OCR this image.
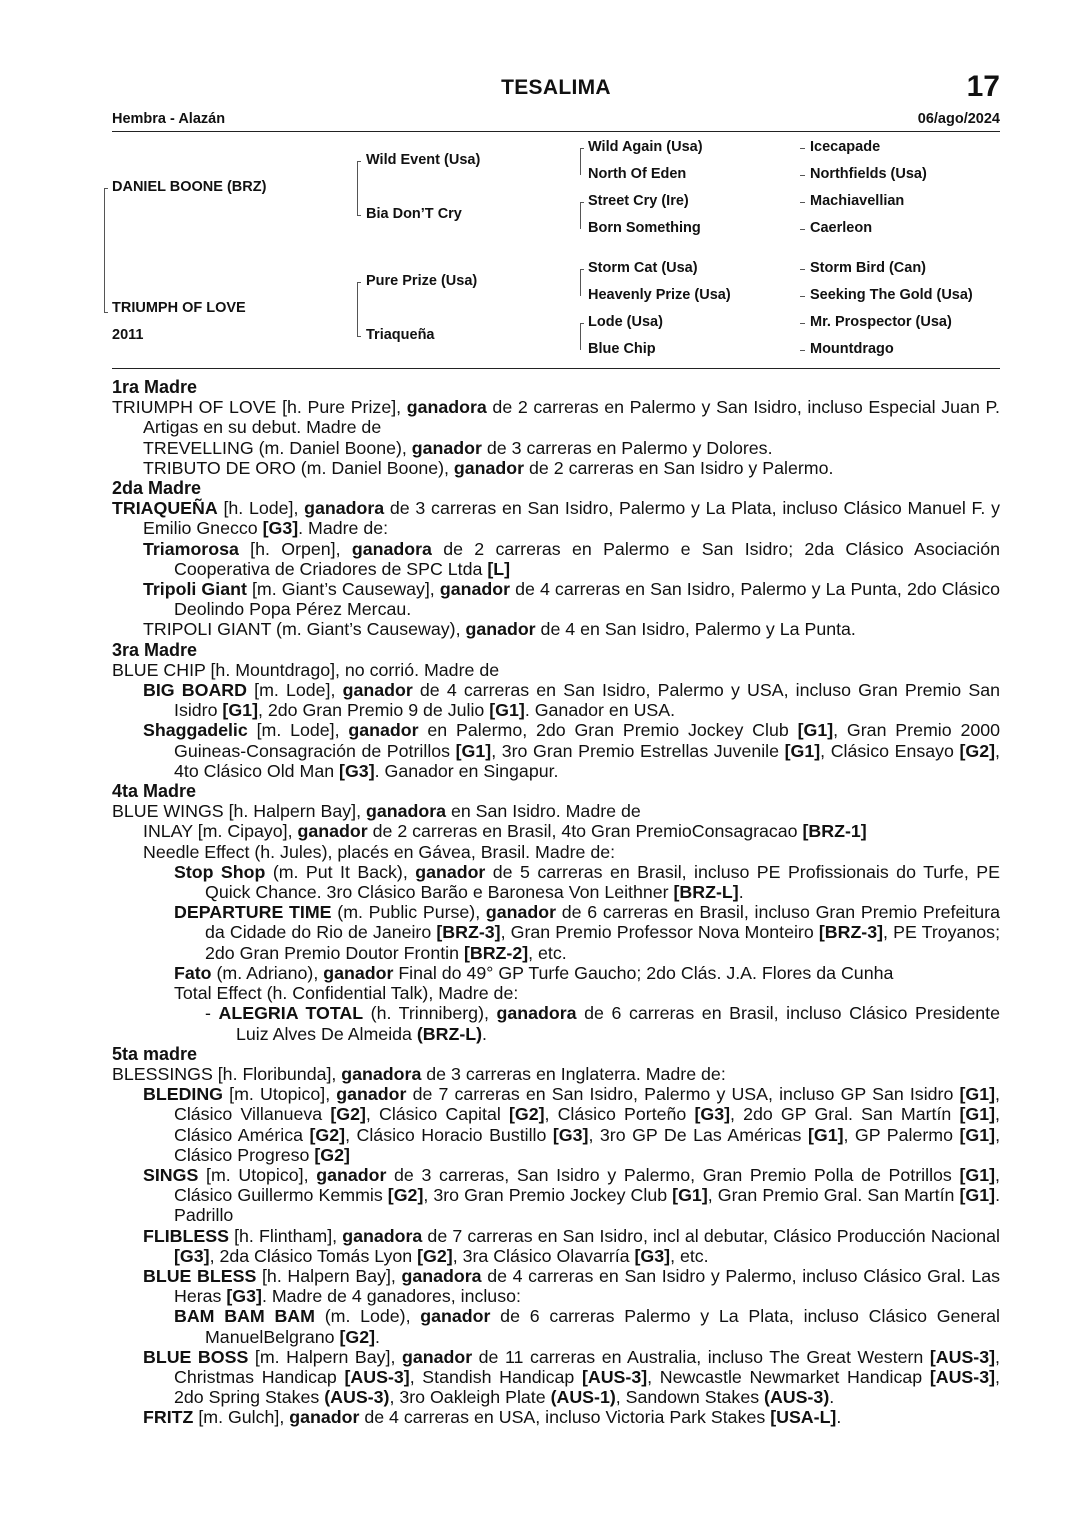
TESALIMA	17
Hembra - Alazán	06/ago/2024
DANIEL BOONE (BRZ)
TRIUMPH OF LOVE
2011
Wild Event (Usa)
Bia Don’T Cry
Pure Prize (Usa)
Triaqueña
Wild Again (Usa)
North Of Eden
Street Cry (Ire)
Born Something
Storm Cat (Usa)
Heavenly Prize (Usa)
Lode (Usa)
Blue Chip
Icecapade
Northfields (Usa)
Machiavellian
Caerleon
Storm Bird (Can)
Seeking The Gold (Usa)
Mr. Prospector (Usa)
Mountdrago
1ra Madre
TRIUMPH OF LOVE [h. Pure Prize], ganadora de 2 carreras en Palermo y San Isidro, incluso Especial Juan P. Artigas en su debut. Madre de
TREVELLING (m. Daniel Boone), ganador de 3 carreras en Palermo y Dolores.
TRIBUTO DE ORO (m. Daniel Boone), ganador de 2 carreras en San Isidro y Palermo.
2da Madre
TRIAQUEÑA [h. Lode], ganadora de 3 carreras en San Isidro, Palermo y La Plata, incluso Clásico Manuel F. y Emilio Gnecco [G3]. Madre de:
Triamorosa [h. Orpen], ganadora de 2 carreras en Palermo e San Isidro; 2da Clásico Asociación Cooperativa de Criadores de SPC Ltda [L]
Tripoli Giant [m. Giant’s Causeway], ganador de 4 carreras en San Isidro, Palermo y La Punta, 2do Clásico Deolindo Popa Pérez Mercau.
TRIPOLI GIANT (m. Giant’s Causeway), ganador de 4 en San Isidro, Palermo y La Punta.
3ra Madre
BLUE CHIP [h. Mountdrago], no corrió. Madre de
BIG BOARD [m. Lode], ganador de 4 carreras en San Isidro, Palermo y USA, incluso Gran Premio San Isidro [G1], 2do Gran Premio 9 de Julio [G1]. Ganador en USA.
Shaggadelic [m. Lode], ganador en Palermo, 2do Gran Premio Jockey Club [G1], Gran Premio 2000 Guineas-Consagración de Potrillos [G1], 3ro Gran Premio Estrellas Juvenile [G1], Clásico Ensayo [G2], 4to Clásico Old Man [G3]. Ganador en Singapur.
4ta Madre
BLUE WINGS [h. Halpern Bay], ganadora en San Isidro. Madre de
INLAY [m. Cipayo], ganador de 2 carreras en Brasil, 4to Gran PremioConsagracao [BRZ-1]
Needle Effect (h. Jules), placés en Gávea, Brasil. Madre de:
Stop Shop (m. Put It Back), ganador de 5 carreras en Brasil, incluso PE Profissionais do Turfe, PE Quick Chance. 3ro Clásico Barão e Baronesa Von Leithner [BRZ-L].
DEPARTURE TIME (m. Public Purse), ganador de 6 carreras en Brasil, incluso Gran Premio Prefeitura da Cidade do Rio de Janeiro [BRZ-3], Gran Premio Professor Nova Monteiro [BRZ-3], PE Troyanos; 2do Gran Premio Doutor Frontin [BRZ-2], etc.
Fato (m. Adriano), ganador Final do 49° GP Turfe Gaucho; 2do Clás. J.A. Flores da Cunha
Total Effect (h. Confidential Talk), Madre de:
- ALEGRIA TOTAL (h. Trinniberg), ganadora de 6 carreras en Brasil, incluso Clásico Presidente Luiz Alves De Almeida (BRZ-L).
5ta madre
BLESSINGS [h. Floribunda], ganadora de 3 carreras en Inglaterra. Madre de:
BLEDING [m. Utopico], ganador de 7 carreras en San Isidro, Palermo y USA, incluso GP San Isidro [G1], Clásico Villanueva [G2], Clásico Capital [G2], Clásico Porteño [G3], 2do GP Gral. San Martín [G1], Clásico América [G2], Clásico Horacio Bustillo [G3], 3ro GP De Las Américas [G1], GP Palermo [G1], Clásico Progreso [G2]
SINGS [m. Utopico], ganador de 3 carreras, San Isidro y Palermo, Gran Premio Polla de Potrillos [G1], Clásico Guillermo Kemmis [G2], 3ro Gran Premio Jockey Club [G1], Gran Premio Gral. San Martín [G1]. Padrillo
FLIBLESS [h. Flintham], ganadora de 7 carreras en San Isidro, incl al debutar, Clásico Producción Nacional [G3], 2da Clásico Tomás Lyon [G2], 3ra Clásico Olavarría [G3], etc.
BLUE BLESS [h. Halpern Bay], ganadora de 4 carreras en San Isidro y Palermo, incluso Clásico Gral. Las Heras [G3]. Madre de 4 ganadores, incluso:
BAM BAM BAM (m. Lode), ganador de 6 carreras Palermo y La Plata, incluso Clásico General ManuelBelgrano [G2].
BLUE BOSS [m. Halpern Bay], ganador de 11 carreras en Australia, incluso The Great Western [AUS-3], Christmas Handicap [AUS-3], Standish Handicap [AUS-3], Newcastle Newmarket Handicap [AUS-3], 2do Spring Stakes (AUS-3), 3ro Oakleigh Plate (AUS-1), Sandown Stakes (AUS-3).
FRITZ [m. Gulch], ganador de 4 carreras en USA, incluso Victoria Park Stakes [USA-L].
